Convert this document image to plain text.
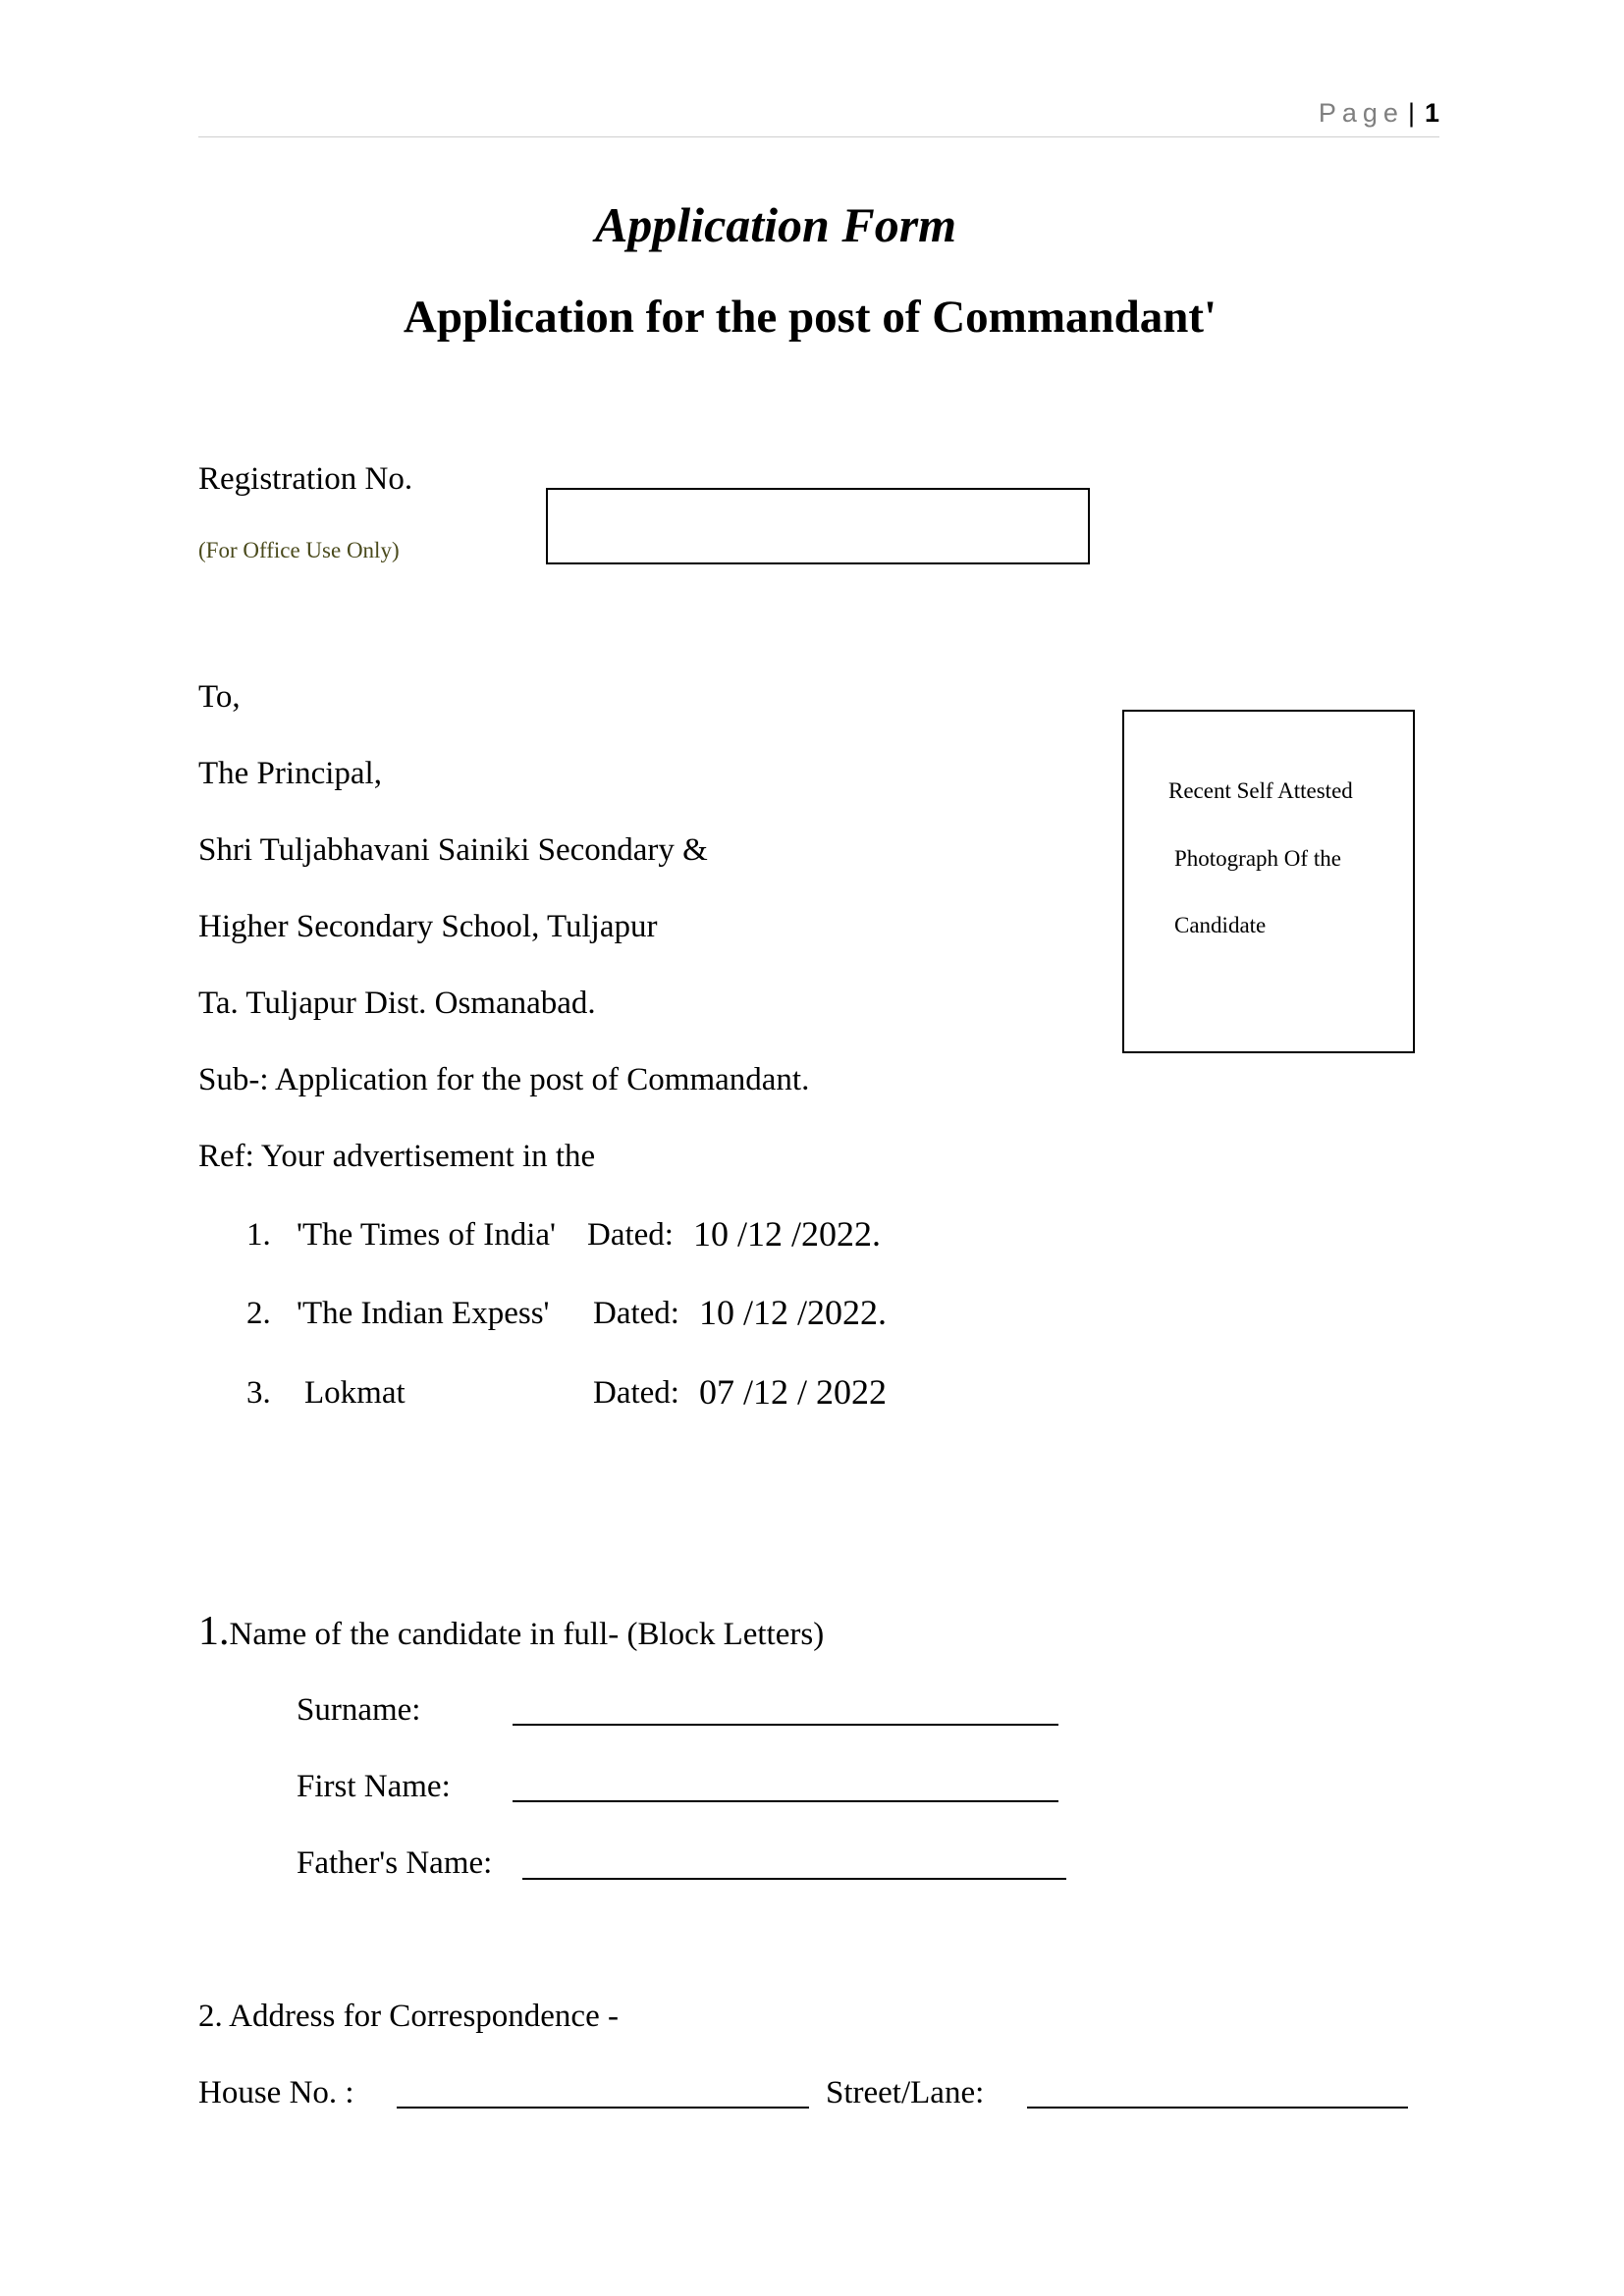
Page | 1
Application Form
Application for the post of Commandant'
Registration No.
(For Office Use Only)
To,
The Principal,
Shri Tuljabhavani Sainiki Secondary &
Higher Secondary School, Tuljapur
Ta. Tuljapur Dist. Osmanabad.
Sub-: Application for the post of Commandant.
Ref: Your advertisement in the
Recent Self Attested
Photograph Of the
Candidate
1. 'The Times of India' Dated: 10 /12 /2022.
2. 'The Indian Expess' Dated: 10 /12 /2022.
3. Lokmat	Dated: 07 /12 / 2022
1.Name of the candidate in full- (Block Letters)
Surname:
First Name:
Father's Name:
2. Address for Correspondence -
House No. :	Street/Lane:
